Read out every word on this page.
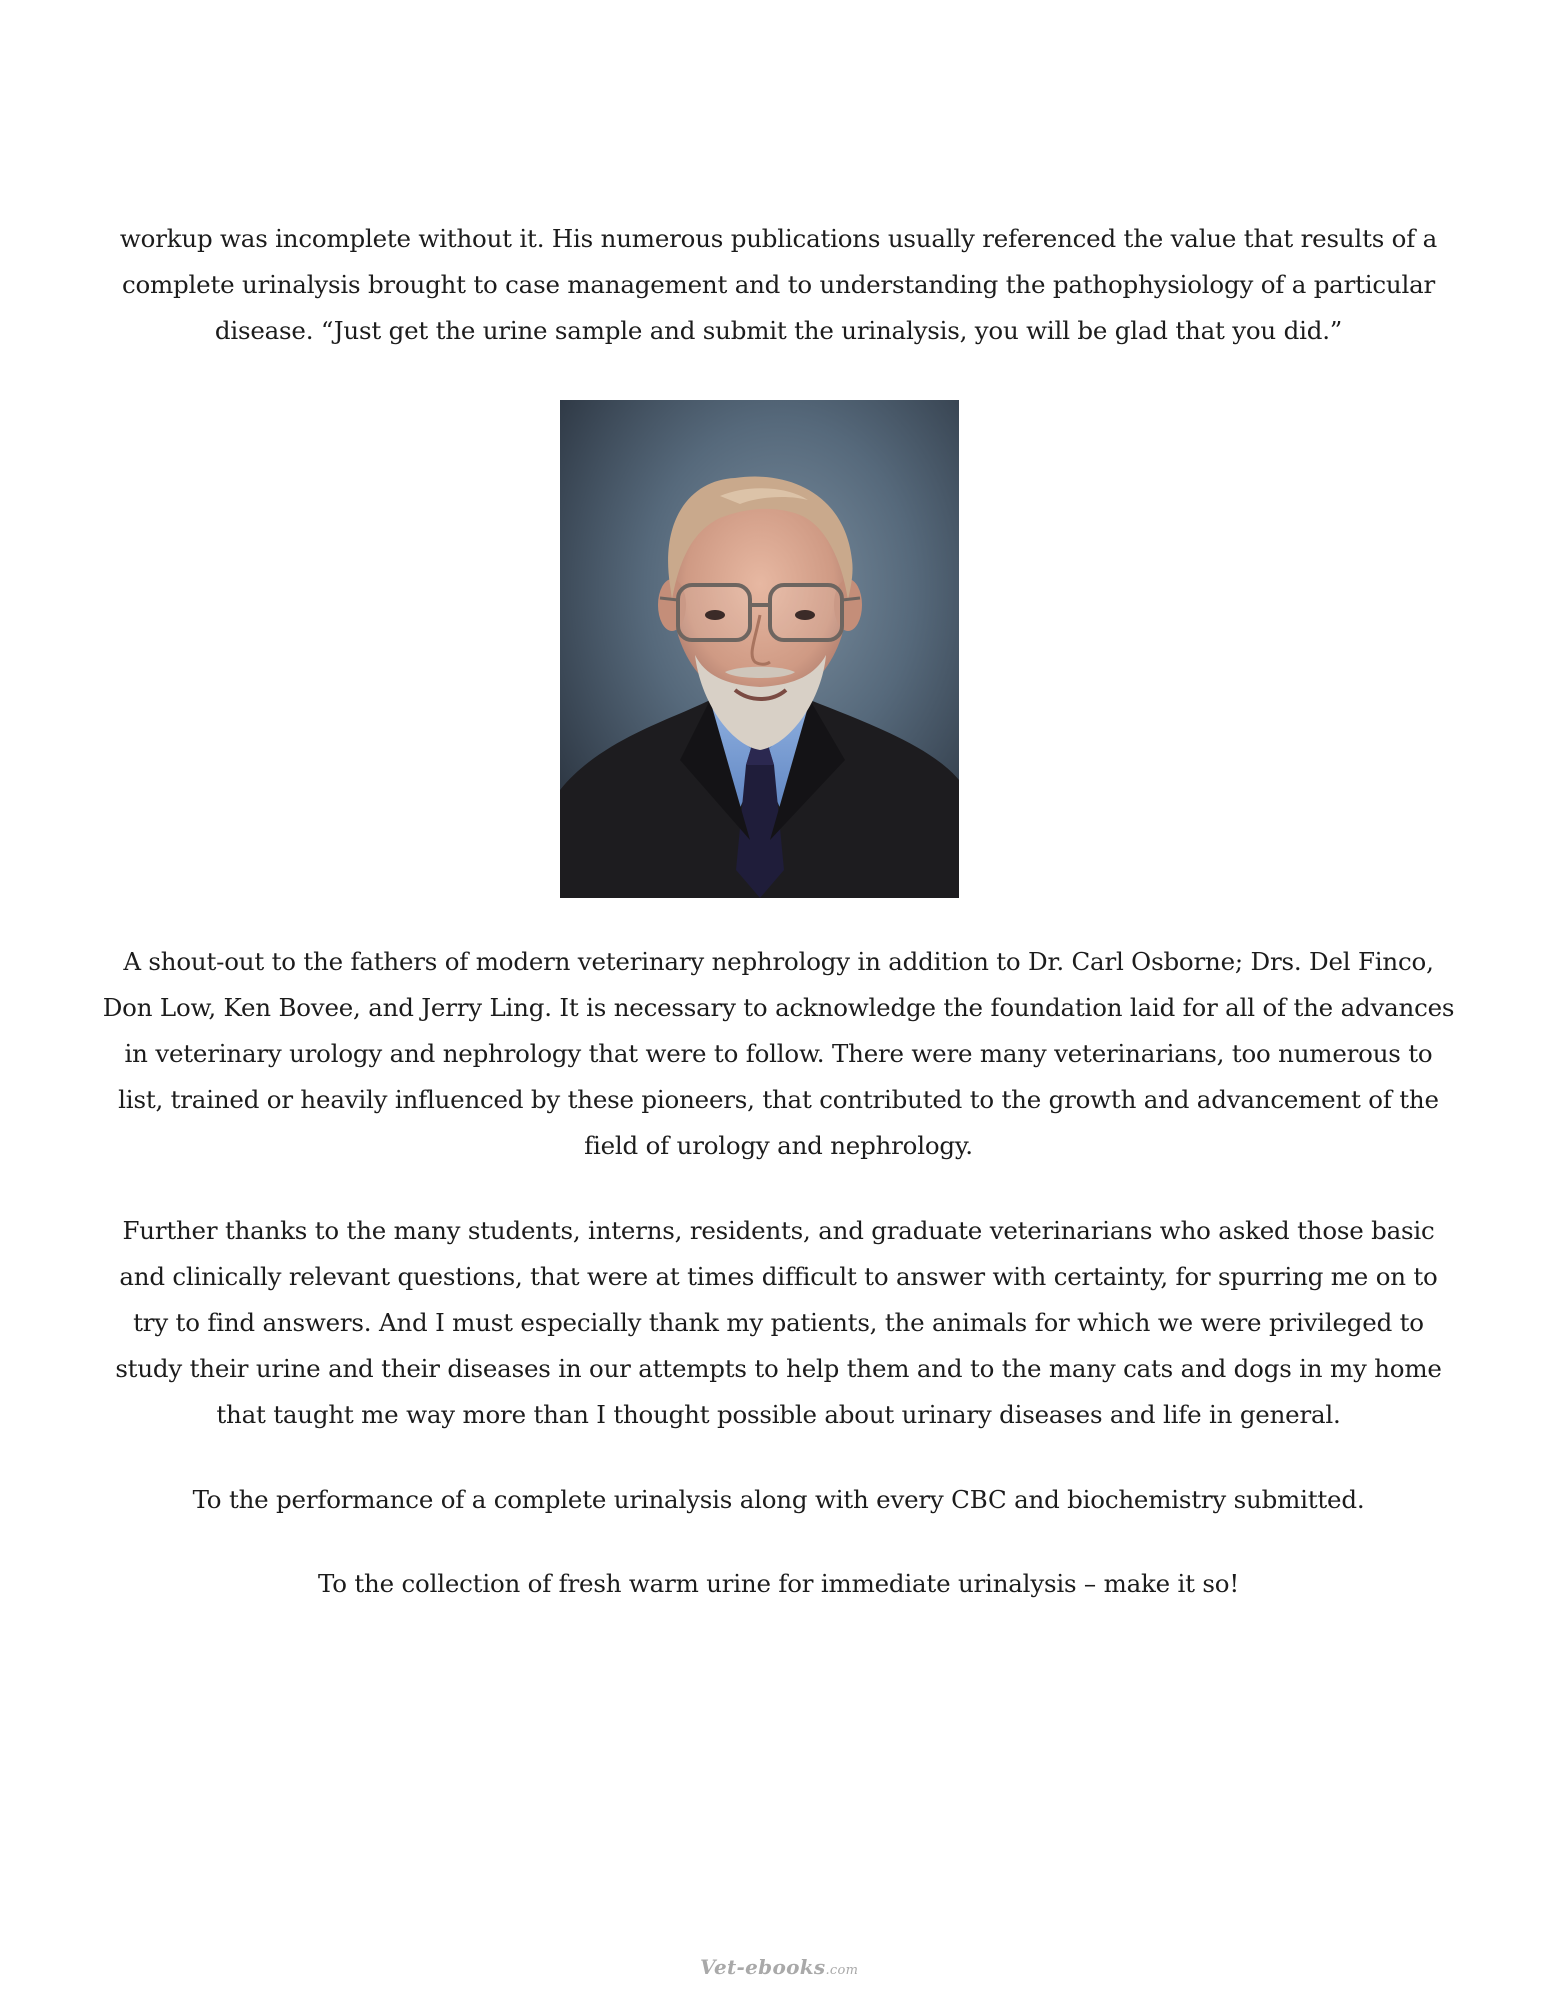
workup was incomplete without it. His numerous publications usually referenced the value that results of a complete urinalysis brought to case management and to understanding the pathophysiology of a particular disease. “Just get the urine sample and submit the urinalysis, you will be glad that you did.”

A shout-out to the fathers of modern veterinary nephrology in addition to Dr. Carl Osborne; Drs. Del Finco, Don Low, Ken Bovee, and Jerry Ling. It is necessary to acknowledge the foundation laid for all of the advances in veterinary urology and nephrology that were to follow. There were many veterinarians, too numerous to list, trained or heavily influenced by these pioneers, that contributed to the growth and advancement of the field of urology and nephrology.

Further thanks to the many students, interns, residents, and graduate veterinarians who asked those basic and clinically relevant questions, that were at times difficult to answer with certainty, for spurring me on to try to find answers. And I must especially thank my patients, the animals for which we were privileged to study their urine and their diseases in our attempts to help them and to the many cats and dogs in my home that taught me way more than I thought possible about urinary diseases and life in general.

To the performance of a complete urinalysis along with every CBC and biochemistry submitted.

To the collection of fresh warm urine for immediate urinalysis – make it so!

Vet-ebooks.com
